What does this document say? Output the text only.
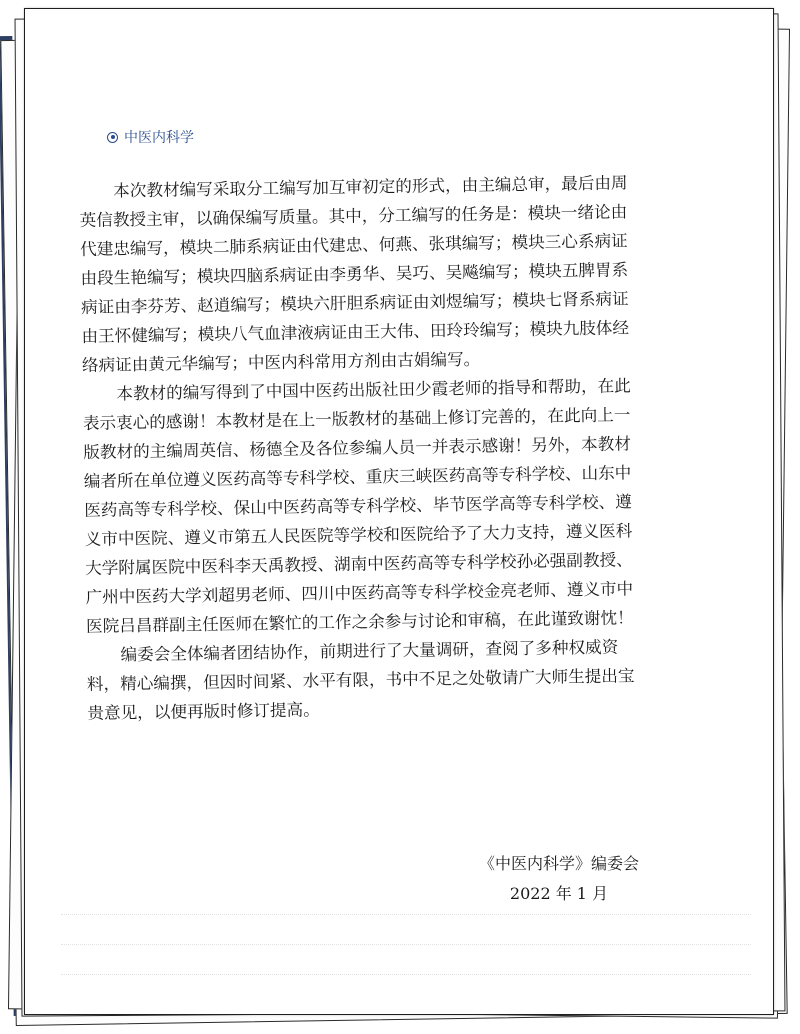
中医内科学
本次教材编写采取分工编写加互审初定的形式，由主编总审，最后由周
英信教授主审，以确保编写质量。其中，分工编写的任务是：模块一绪论由
代建忠编写，模块二肺系病证由代建忠、何燕、张琪编写；模块三心系病证
由段生艳编写；模块四脑系病证由李勇华、吴巧、吴飚编写；模块五脾胃系
病证由李芬芳、赵逍编写；模块六肝胆系病证由刘煜编写；模块七肾系病证
由王怀健编写；模块八气血津液病证由王大伟、田玲玲编写；模块九肢体经
络病证由黄元华编写；中医内科常用方剂由古娟编写。
本教材的编写得到了中国中医药出版社田少霞老师的指导和帮助，在此
表示衷心的感谢！本教材是在上一版教材的基础上修订完善的，在此向上一
版教材的主编周英信、杨德全及各位参编人员一并表示感谢！另外，本教材
编者所在单位遵义医药高等专科学校、重庆三峡医药高等专科学校、山东中
医药高等专科学校、保山中医药高等专科学校、毕节医学高等专科学校、遵
义市中医院、遵义市第五人民医院等学校和医院给予了大力支持，遵义医科
大学附属医院中医科李天禹教授、湖南中医药高等专科学校孙必强副教授、
广州中医药大学刘超男老师、四川中医药高等专科学校金亮老师、遵义市中
医院吕昌群副主任医师在繁忙的工作之余参与讨论和审稿，在此谨致谢忱！
编委会全体编者团结协作，前期进行了大量调研，查阅了多种权威资
料，精心编撰，但因时间紧、水平有限，书中不足之处敬请广大师生提出宝
贵意见，以便再版时修订提高。
《中医内科学》编委会
2022 年 1 月
